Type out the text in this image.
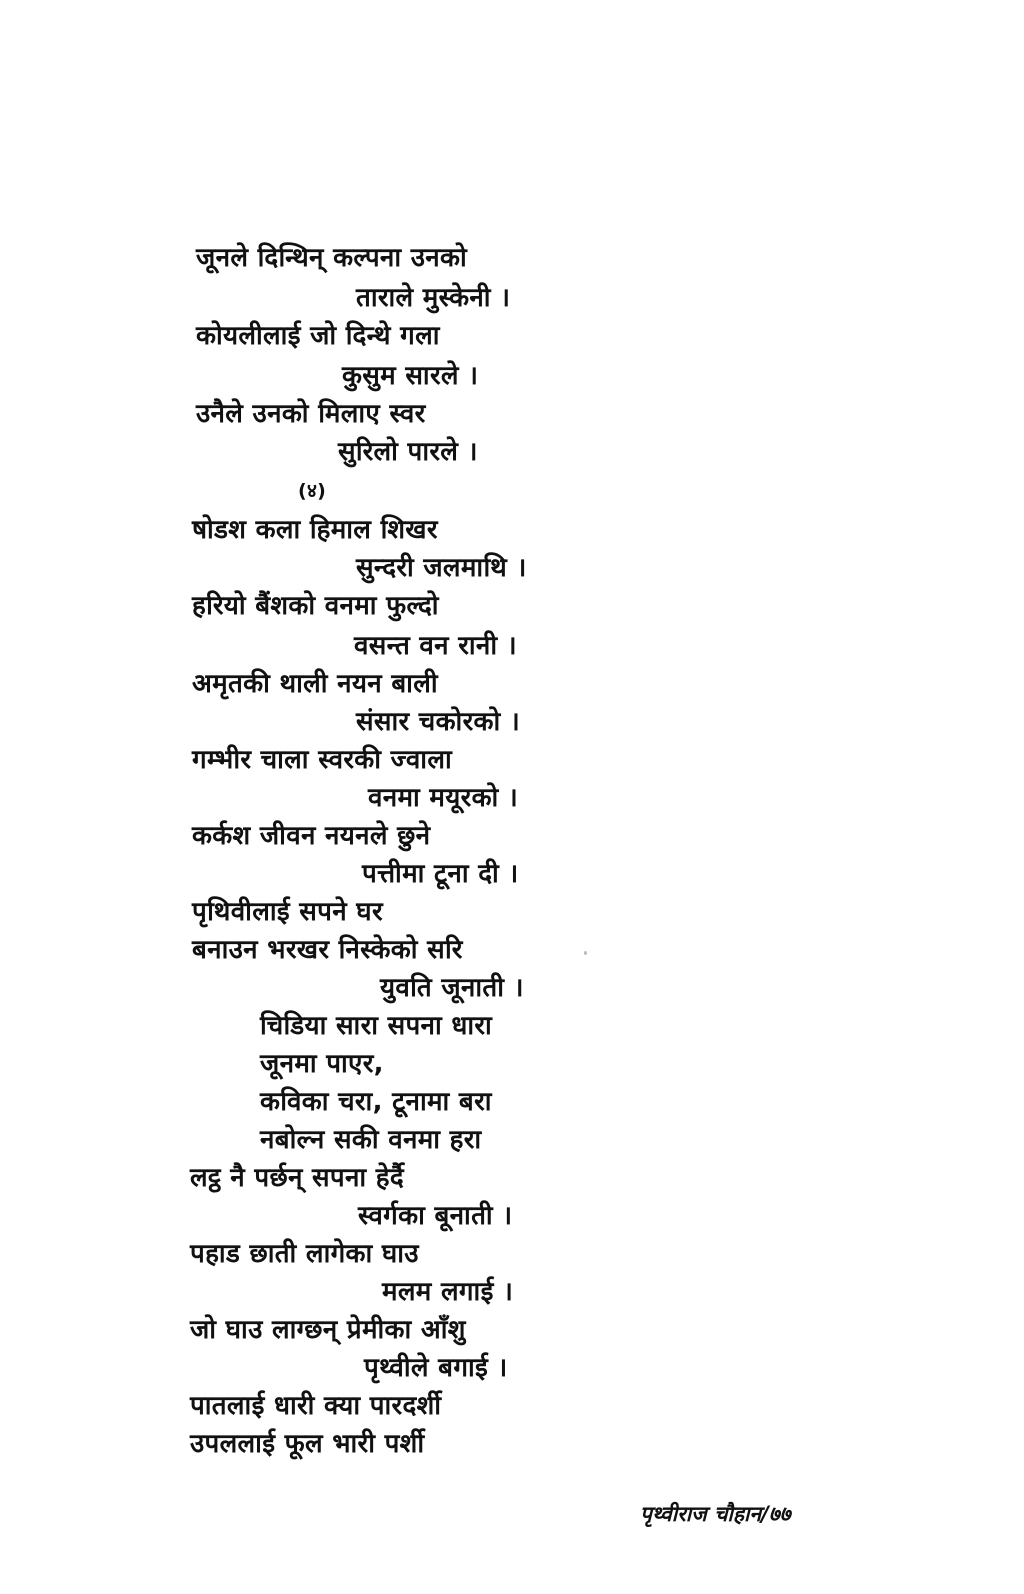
जूनले दिन्थिन् कल्पना उनको
ताराले मुस्केनी ।
कोयलीलाई जो दिन्थे गला
कुसुम सारले ।
उनैले उनको मिलाए स्वर
सुरिलो पारले ।
(४)
षोडश कला हिमाल शिखर
सुन्दरी जलमाथि ।
हरियो बैंशको वनमा फुल्दो
वसन्त वन रानी ।
अमृतकी थाली नयन बाली
संसार चकोरको ।
गम्भीर चाला स्वरकी ज्वाला
वनमा मयूरको ।
कर्कश जीवन नयनले छुने
पत्तीमा टूना दी ।
पृथिवीलाई सपने घर
बनाउन भरखर निस्केको सरि
युवति जूनाती ।
चिडिया सारा सपना धारा
जूनमा पाएर,
कविका चरा, टूनामा बरा
नबोल्न सकी वनमा हरा
लट्ठ नै पर्छन् सपना हेर्दै
स्वर्गका बूनाती ।
पहाड छाती लागेका घाउ
मलम लगाई ।
जो घाउ लाग्छन् प्रेमीका आँशु
पृथ्वीले बगाई ।
पातलाई धारी क्या पारदर्शी
उपललाई फूल भारी पर्शी
पृथ्वीराज चौहान/७७
